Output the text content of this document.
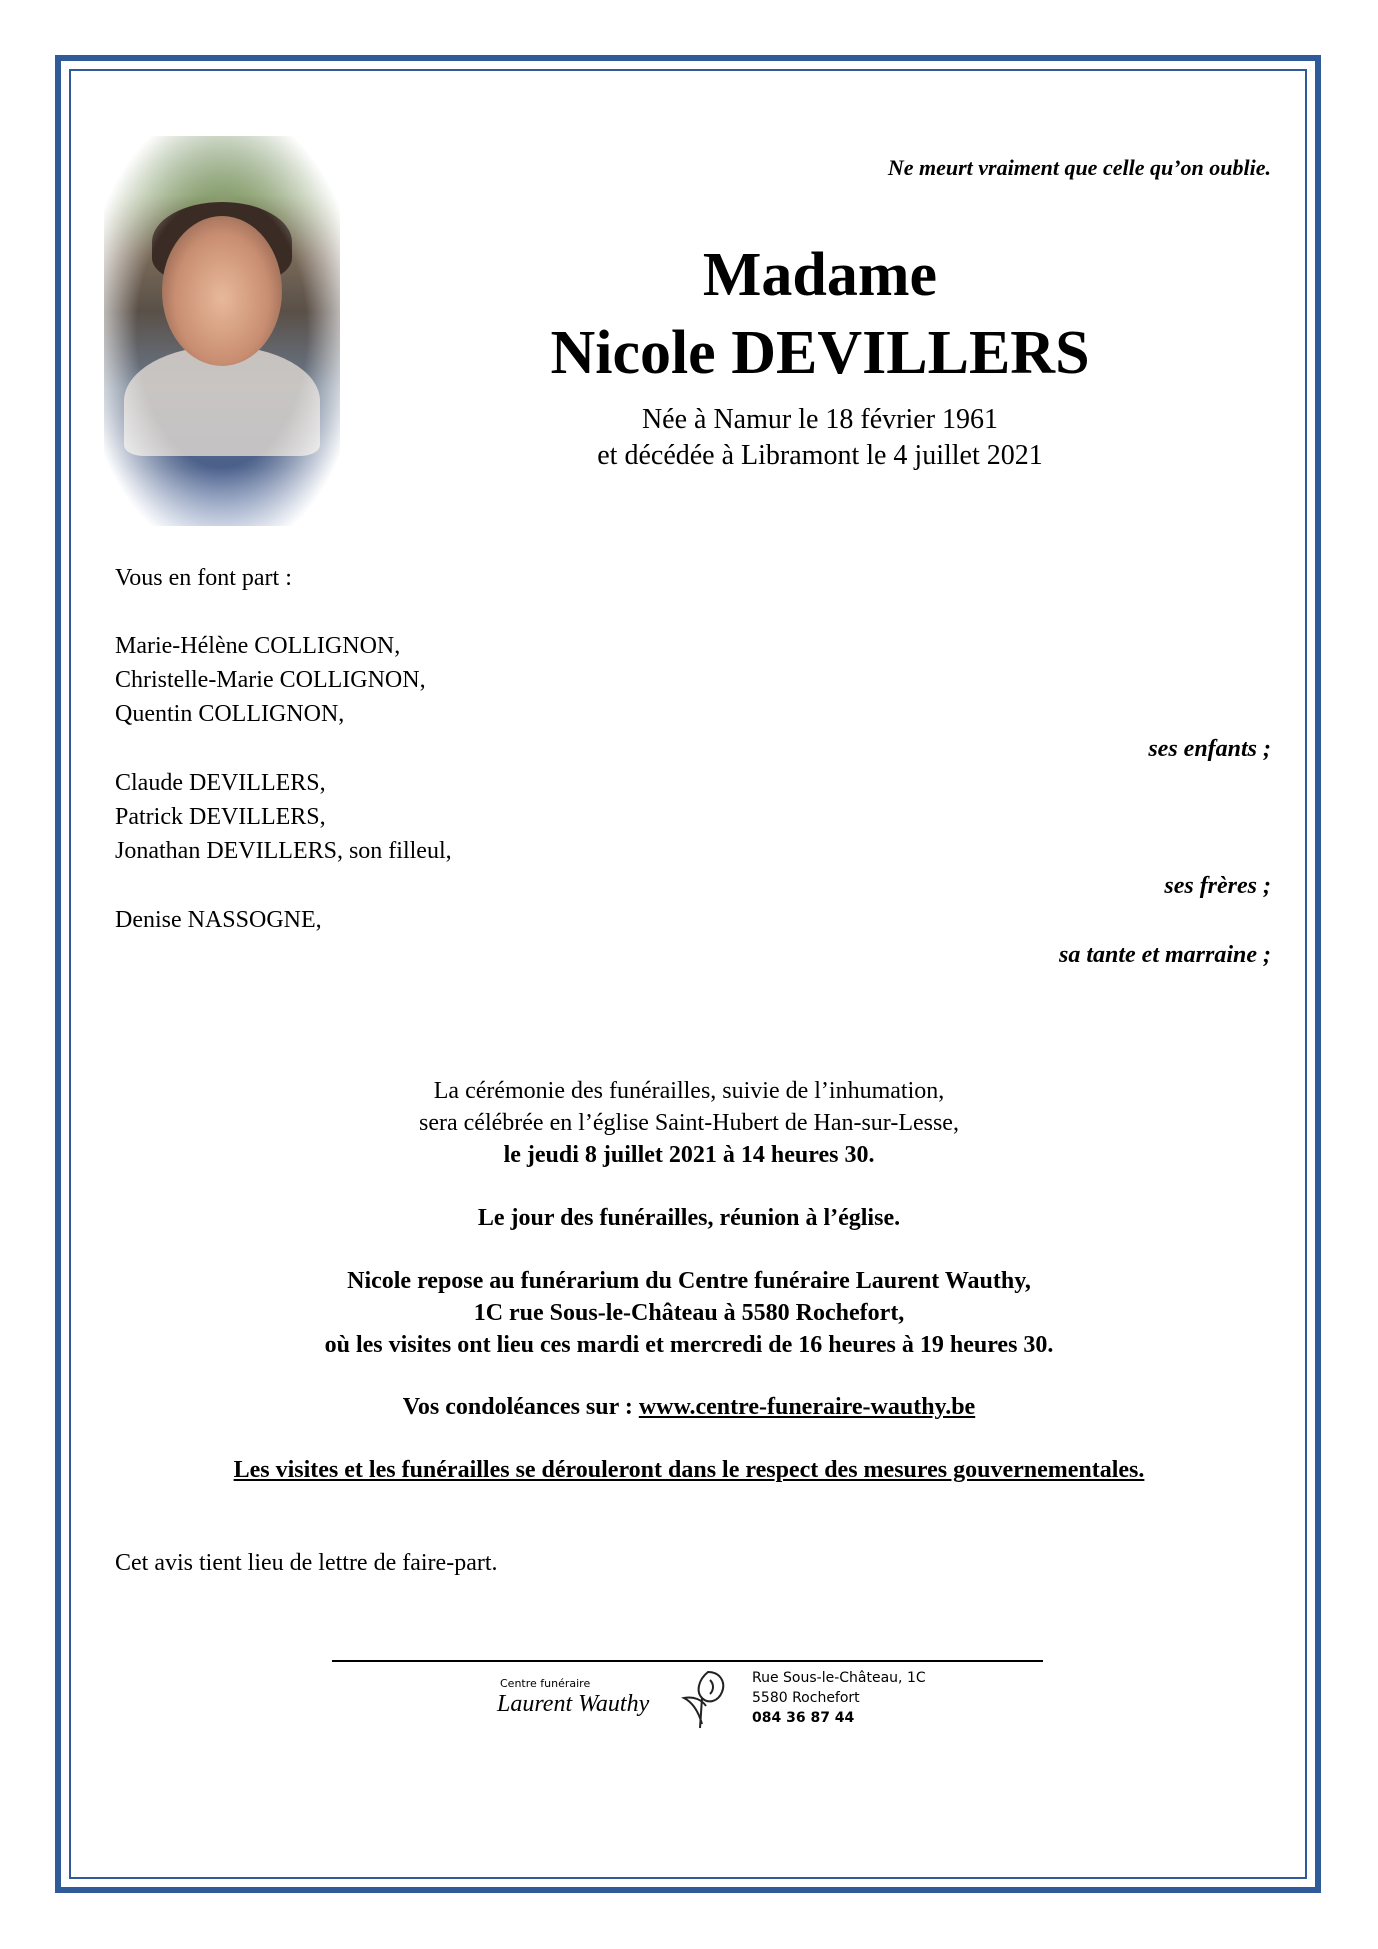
Ne meurt vraiment que celle qu’on oublie.
Madame
Nicole DEVILLERS
Née à Namur le 18 février 1961
et décédée à Libramont le 4 juillet 2021
Vous en font part :
Marie-Hélène COLLIGNON,
Christelle-Marie COLLIGNON,
Quentin COLLIGNON,
ses enfants ;
Claude DEVILLERS,
Patrick DEVILLERS,
Jonathan DEVILLERS, son filleul,
ses frères ;
Denise NASSOGNE,
sa tante et marraine ;
La cérémonie des funérailles, suivie de l’inhumation,
sera célébrée en l’église Saint-Hubert de Han-sur-Lesse,
le jeudi 8 juillet 2021 à 14 heures 30.
Le jour des funérailles, réunion à l’église.
Nicole repose au funérarium du Centre funéraire Laurent Wauthy,
1C rue Sous-le-Château à 5580 Rochefort,
où les visites ont lieu ces mardi et mercredi de 16 heures à 19 heures 30.
Vos condoléances sur : www.centre-funeraire-wauthy.be
Les visites et les funérailles se dérouleront dans le respect des mesures gouvernementales.
Cet avis tient lieu de lettre de faire-part.
Centre funéraire
Laurent Wauthy
Rue Sous-le-Château, 1C
5580 Rochefort
084 36 87 44
